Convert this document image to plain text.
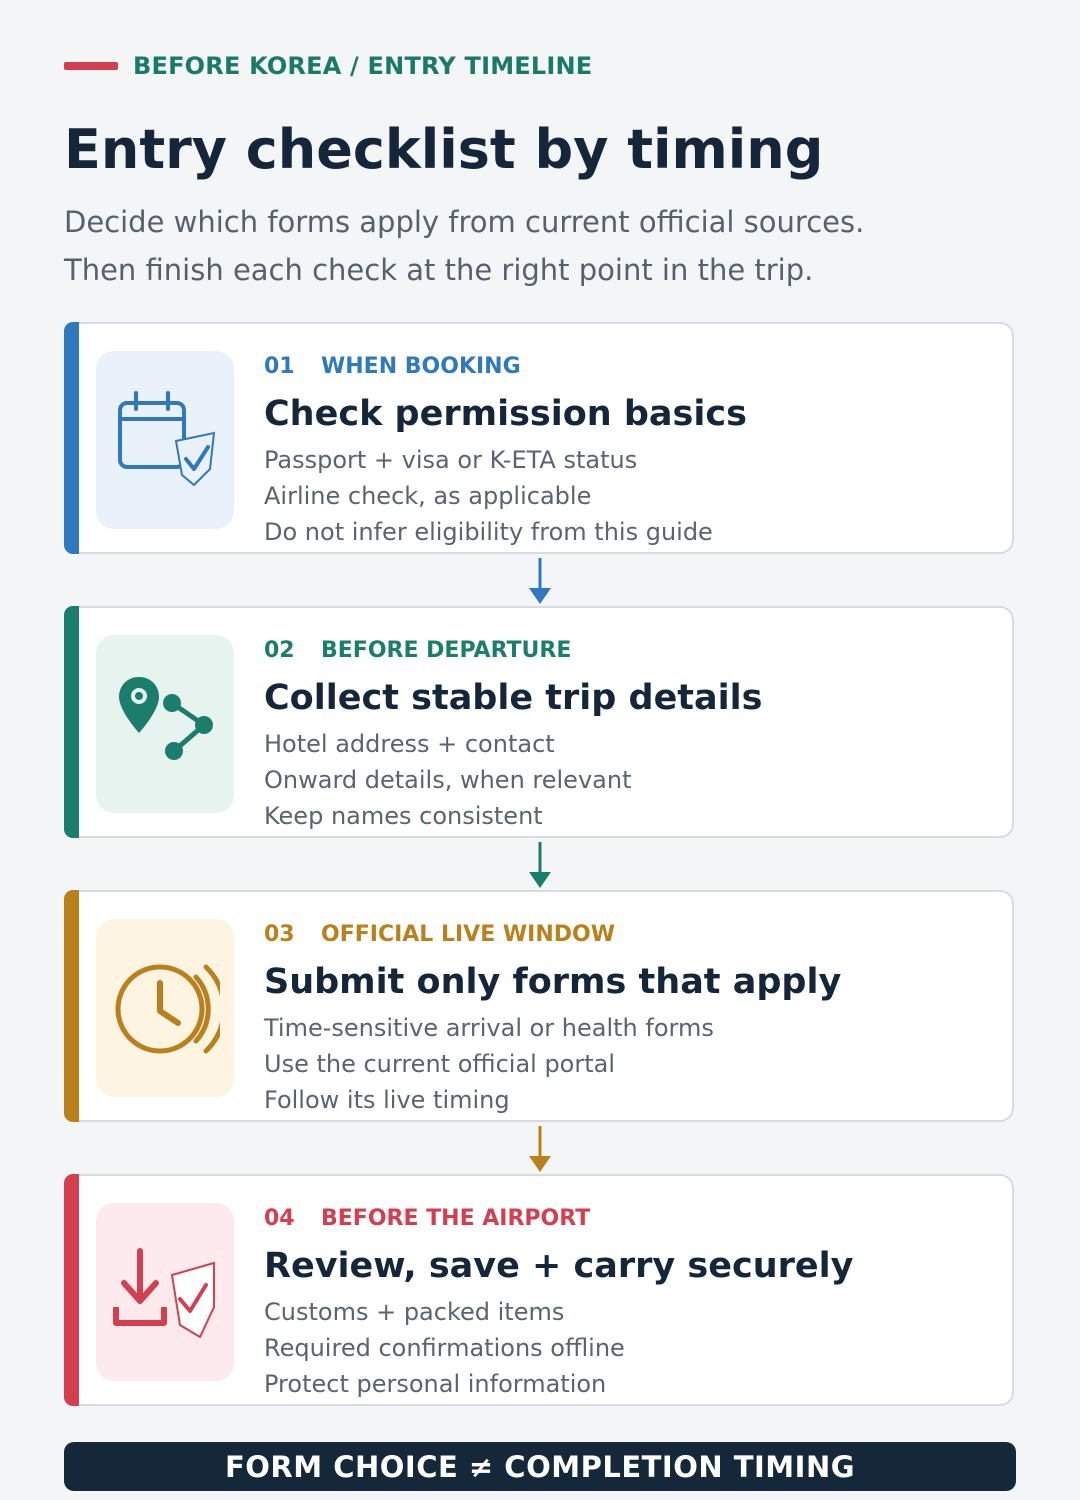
BEFORE KOREA / ENTRY TIMELINE
Entry checklist by timing
Decide which forms apply from current official sources.
Then finish each check at the right point in the trip.
01 WHEN BOOKING
Check permission basics
Passport + visa or K-ETA status
Airline check, as applicable
Do not infer eligibility from this guide
02 BEFORE DEPARTURE
Collect stable trip details
Hotel address + contact
Onward details, when relevant
Keep names consistent
03 OFFICIAL LIVE WINDOW
Submit only forms that apply
Time-sensitive arrival or health forms
Use the current official portal
Follow its live timing
04 BEFORE THE AIRPORT
Review, save + carry securely
Customs + packed items
Required confirmations offline
Protect personal information
FORM CHOICE ≠ COMPLETION TIMING
